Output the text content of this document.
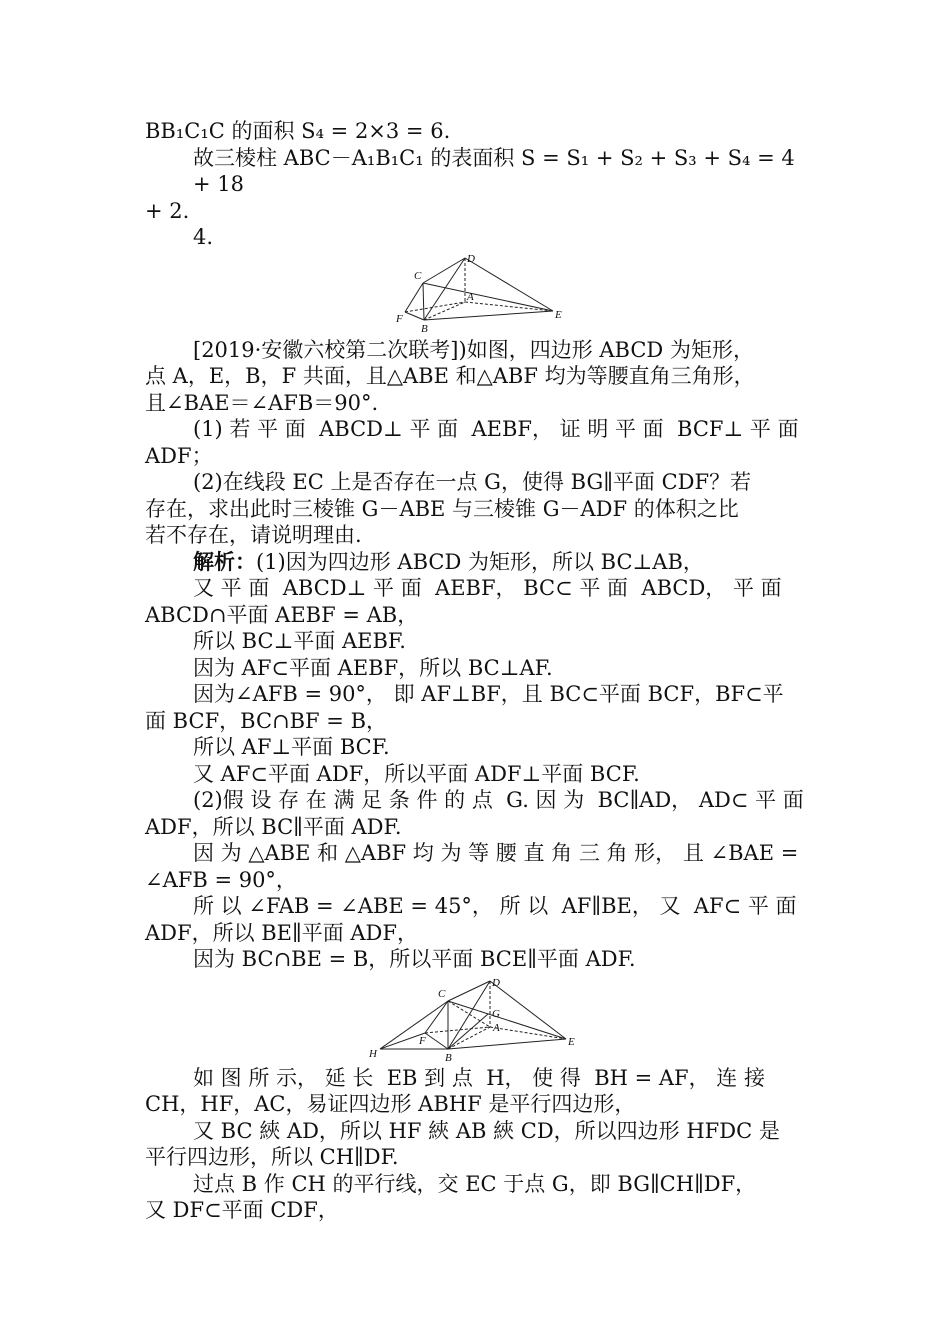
BB₁C₁C 的面积 S₄ = 2×3 = 6.

故三棱柱 ABC－A₁B₁C₁ 的表面积 S = S₁ + S₂ + S₃ + S₄ = 4 + 18

+ 2.

4.

C
D
A
F
B
E

[2019·安徽六校第二次联考])如图，四边形 ABCD 为矩形，

点 A，E，B，F 共面，且△ABE 和△ABF 均为等腰直角三角形，

且∠BAE＝∠AFB＝90°.

(1) 若 平 面  ABCD⊥ 平 面  AEBF， 证 明 平 面  BCF⊥ 平 面

ADF；

(2)在线段 EC 上是否存在一点 G，使得 BG∥平面 CDF？若

存在，求出此时三棱锥 G－ABE 与三棱锥 G－ADF 的体积之比

若不存在，请说明理由.

解析：(1)因为四边形 ABCD 为矩形，所以 BC⊥AB，

又 平 面  ABCD⊥ 平 面  AEBF， BC⊂ 平 面  ABCD， 平 面

ABCD∩平面 AEBF = AB，

所以 BC⊥平面 AEBF.

因为 AF⊂平面 AEBF，所以 BC⊥AF.

因为∠AFB = 90°， 即 AF⊥BF，且 BC⊂平面 BCF，BF⊂平

面 BCF，BC∩BF = B，

所以 AF⊥平面 BCF.

又 AF⊂平面 ADF，所以平面 ADF⊥平面 BCF.

(2)假 设 存 在 满 足 条 件 的 点  G. 因 为  BC∥AD， AD⊂ 平 面

ADF，所以 BC∥平面 ADF.

因 为 △ABE 和 △ABF 均 为 等 腰 直 角 三 角 形， 且 ∠BAE =

∠AFB = 90°，

所 以 ∠FAB = ∠ABE = 45°， 所 以  AF∥BE， 又  AF⊂ 平 面

ADF，所以 BE∥平面 ADF，

因为 BC∩BE = B，所以平面 BCE∥平面 ADF.

D
C
G
A
H
F
B
E

如 图 所 示， 延 长  EB 到 点  H， 使 得  BH = AF， 连 接

CH，HF，AC，易证四边形 ABHF 是平行四边形，

又 BC 綊 AD，所以 HF 綊 AB 綊 CD，所以四边形 HFDC 是

平行四边形，所以 CH∥DF.

过点 B 作 CH 的平行线，交 EC 于点 G，即 BG∥CH∥DF，

又 DF⊂平面 CDF，
